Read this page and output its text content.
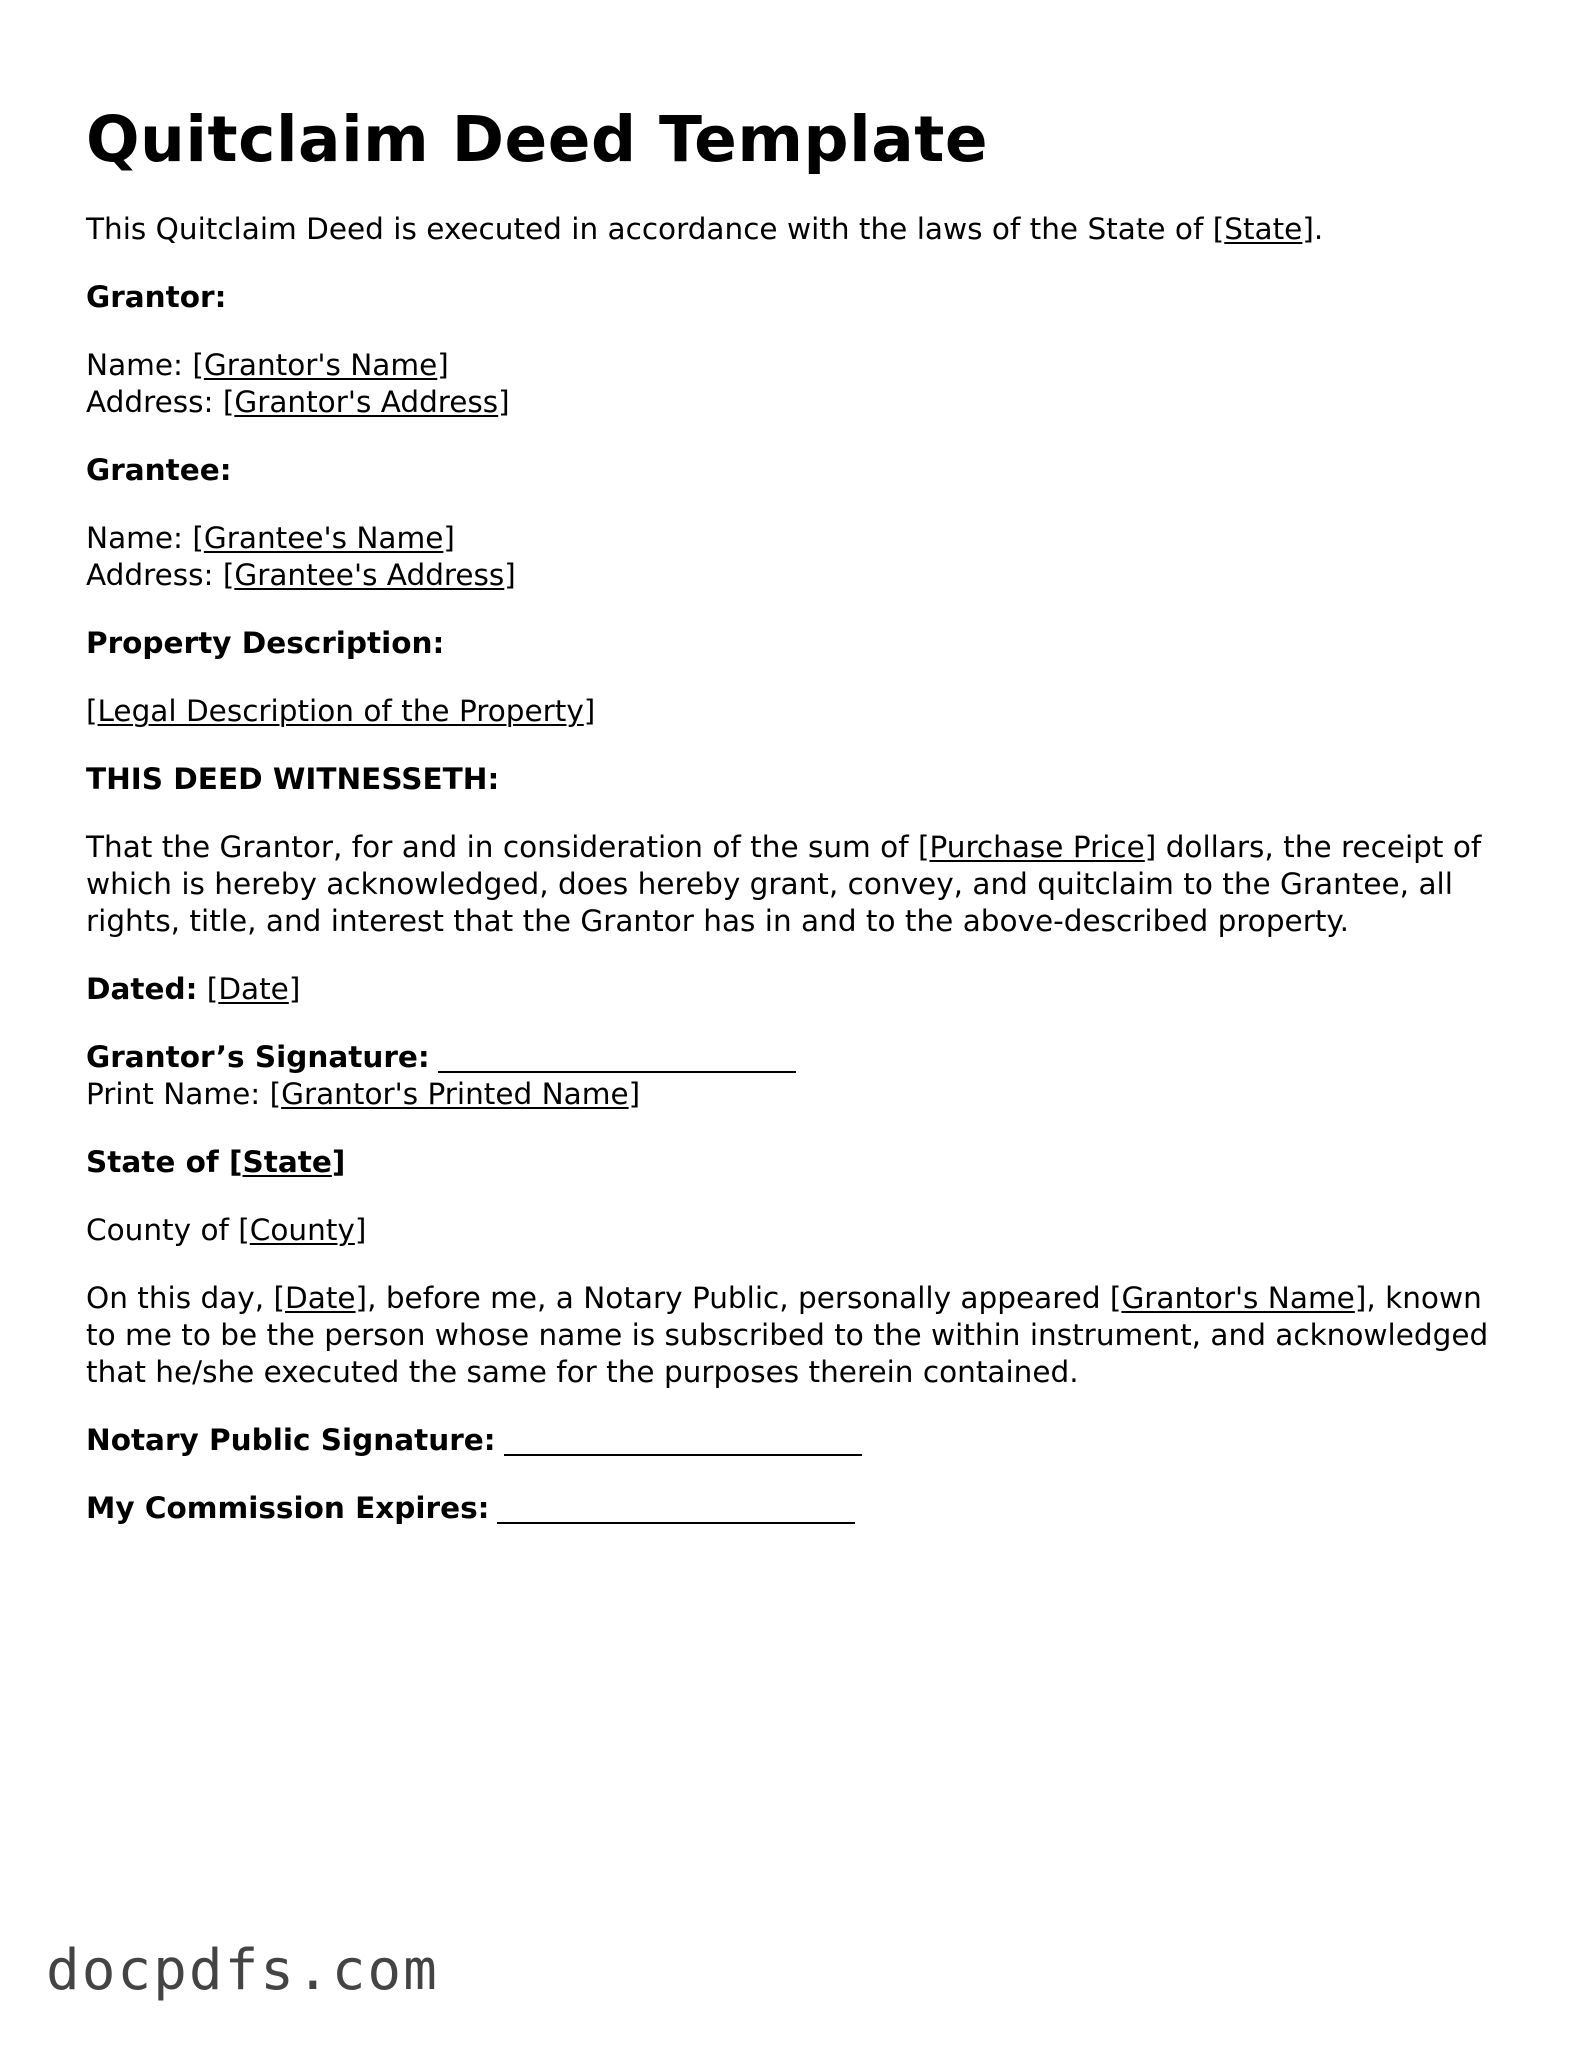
Quitclaim Deed Template
This Quitclaim Deed is executed in accordance with the laws of the State of [State].
Grantor:
Name: [Grantor's Name]
Address: [Grantor's Address]
Grantee:
Name: [Grantee's Name]
Address: [Grantee's Address]
Property Description:
[Legal Description of the Property]
THIS DEED WITNESSETH:
That the Grantor, for and in consideration of the sum of [Purchase Price] dollars, the receipt of which is hereby acknowledged, does hereby grant, convey, and quitclaim to the Grantee, all rights, title, and interest that the Grantor has in and to the above-described property.
Dated: [Date]
Grantor’s Signature:
Print Name: [Grantor's Printed Name]
State of [State]
County of [County]
On this day, [Date], before me, a Notary Public, personally appeared [Grantor's Name], known to me to be the person whose name is subscribed to the within instrument, and acknowledged that he/she executed the same for the purposes therein contained.
Notary Public Signature:
My Commission Expires:
docpdfs.com
